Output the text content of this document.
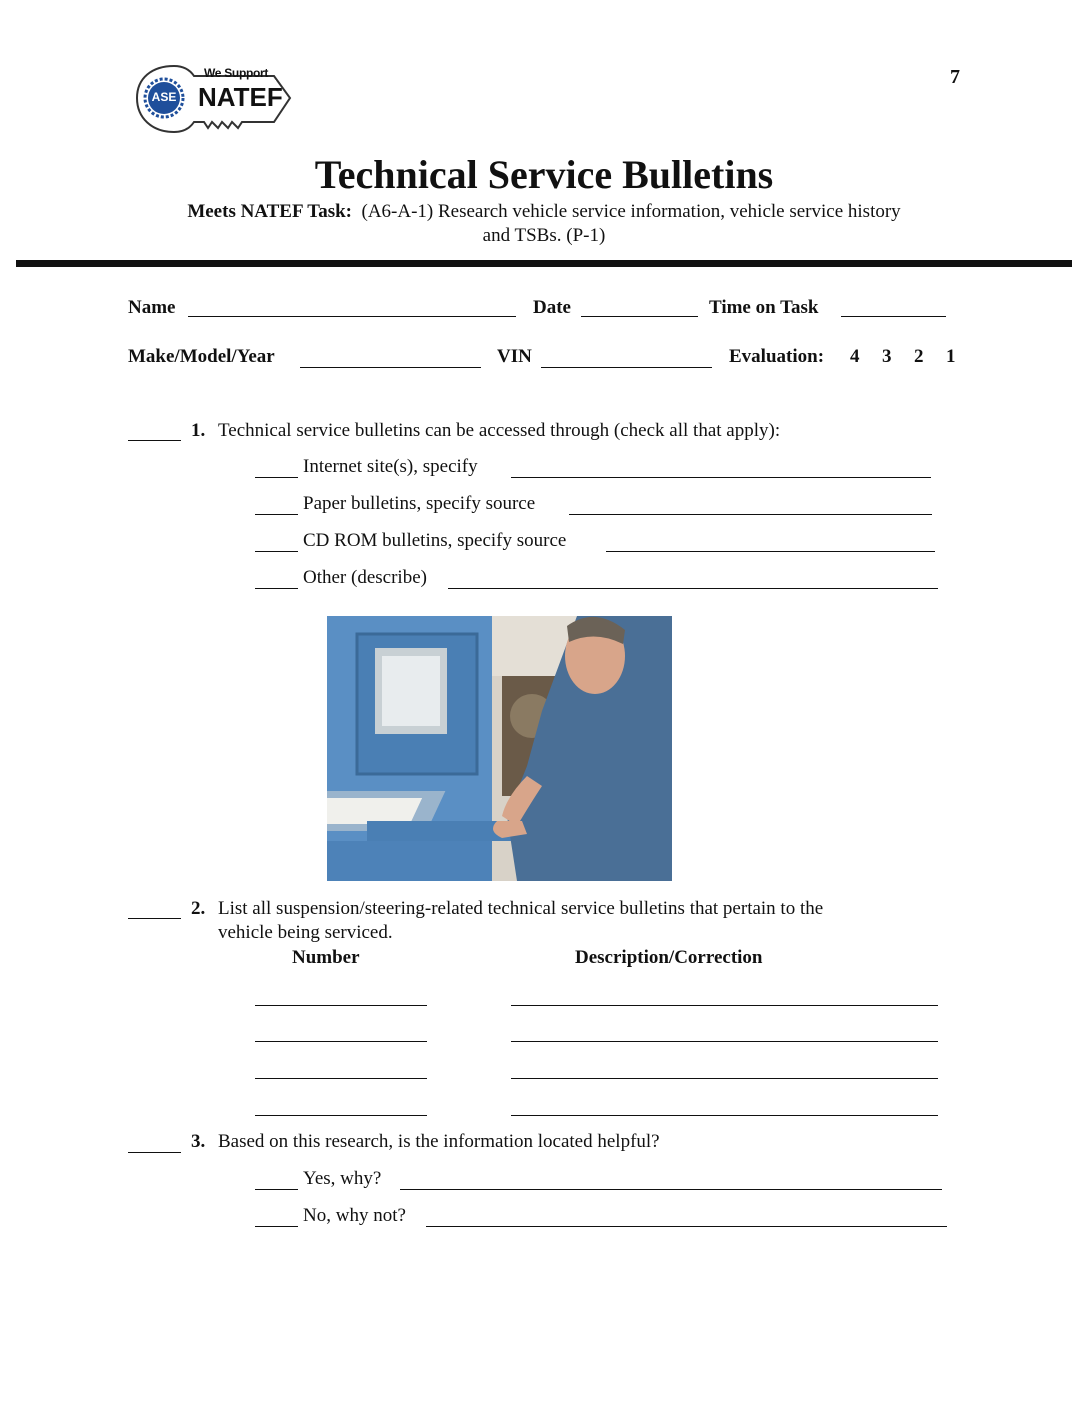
We Support
NATEF
ASE
7
Technical Service Bulletins
Meets NATEF Task: (A6-A-1) Research vehicle service information, vehicle service history
and TSBs. (P-1)
Name	Date	Time on Task
Make/Model/Year	VIN	Evaluation: 4 3 2 1
1. Technical service bulletins can be accessed through (check all that apply):
Internet site(s), specify
Paper bulletins, specify source
CD ROM bulletins, specify source
Other (describe)
2. List all suspension/steering-related technical service bulletins that pertain to the
vehicle being serviced.
Number	Description/Correction
3. Based on this research, is the information located helpful?
Yes, why?
No, why not?
